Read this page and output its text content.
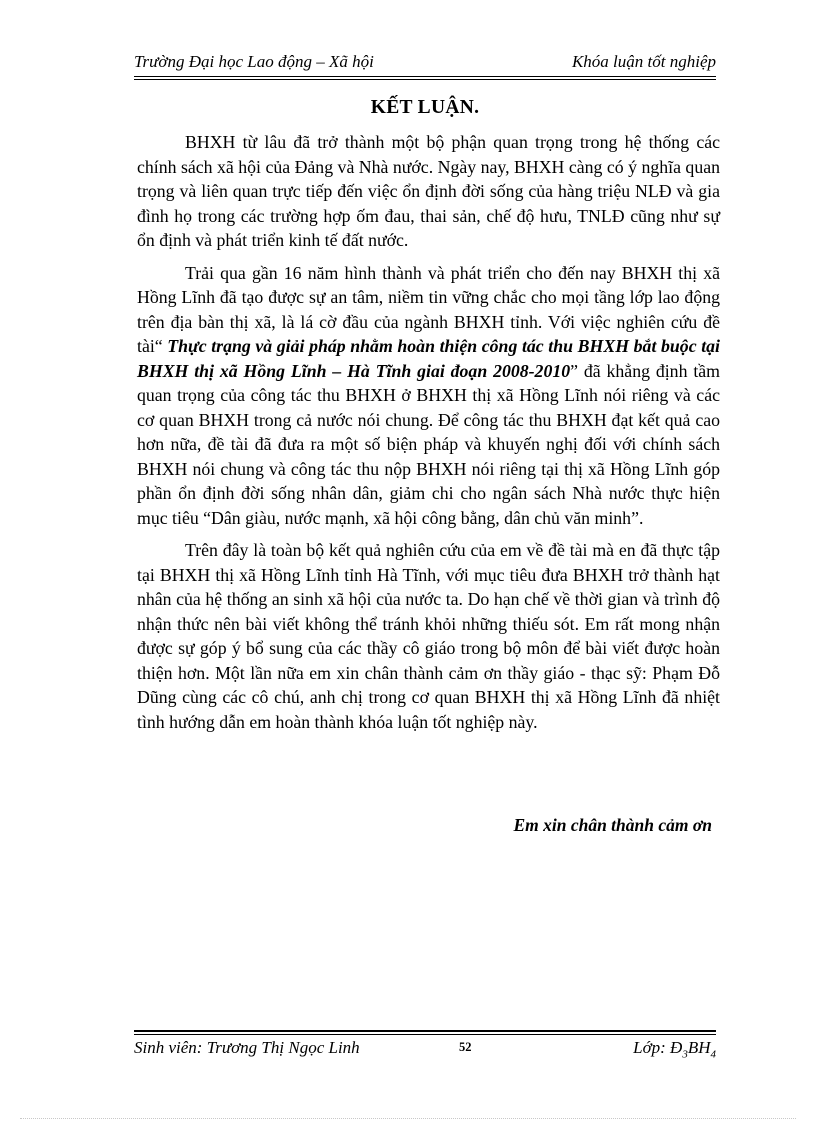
Trường Đại học Lao động – Xã hội	Khóa luận tốt nghiệp
KẾT LUẬN.

BHXH từ lâu đã trở thành một bộ phận quan trọng trong hệ thống các chính sách xã hội của Đảng và Nhà nước. Ngày nay, BHXH càng có ý nghĩa quan trọng và liên quan trực tiếp đến việc ổn định đời sống của hàng triệu NLĐ và gia đình họ trong các trường hợp ốm đau, thai sản, chế độ hưu, TNLĐ cũng như sự ổn định và phát triển kinh tế đất nước.

Trải qua gần 16 năm hình thành và phát triển cho đến nay BHXH thị xã Hồng Lĩnh đã tạo được sự an tâm, niềm tin vững chắc cho mọi tầng lớp lao động trên địa bàn thị xã, là lá cờ đầu của ngành BHXH tỉnh. Với việc nghiên cứu đề tài“ Thực trạng và giải pháp nhằm hoàn thiện công tác thu BHXH bắt buộc tại BHXH thị xã Hồng Lĩnh – Hà Tĩnh giai đoạn 2008-2010” đã khẳng định tầm quan trọng của công tác thu BHXH ở BHXH thị xã Hồng Lĩnh nói riêng và các cơ quan BHXH trong cả nước nói chung. Để công tác thu BHXH đạt kết quả cao hơn nữa, đề tài đã đưa ra một số biện pháp và khuyến nghị đối với chính sách BHXH nói chung và công tác thu nộp BHXH nói riêng tại thị xã Hồng Lĩnh góp phần ổn định đời sống nhân dân, giảm chi cho ngân sách Nhà nước thực hiện mục tiêu “Dân giàu, nước mạnh, xã hội công bằng, dân chủ văn minh”.

Trên đây là toàn bộ kết quả nghiên cứu của em về đề tài mà en đã thực tập tại BHXH thị xã Hồng Lĩnh tỉnh Hà Tĩnh, với mục tiêu đưa BHXH trở thành hạt nhân của hệ thống an sinh xã hội của nước ta. Do hạn chế về thời gian và trình độ nhận thức nên bài viết không thể tránh khỏi những thiếu sót. Em rất mong nhận được sự góp ý bổ sung của các thầy cô giáo trong bộ môn để bài viết được hoàn thiện hơn. Một lần nữa em xin chân thành cảm ơn thầy giáo - thạc sỹ: Phạm Đỗ Dũng cùng các cô chú, anh chị trong cơ quan BHXH thị xã Hồng Lĩnh đã nhiệt tình hướng dẫn em hoàn thành khóa luận tốt nghiệp này.

Em xin chân thành cảm ơn
Sinh viên: Trương Thị Ngọc Linh	52	Lớp: $Đ_3BH_4$
